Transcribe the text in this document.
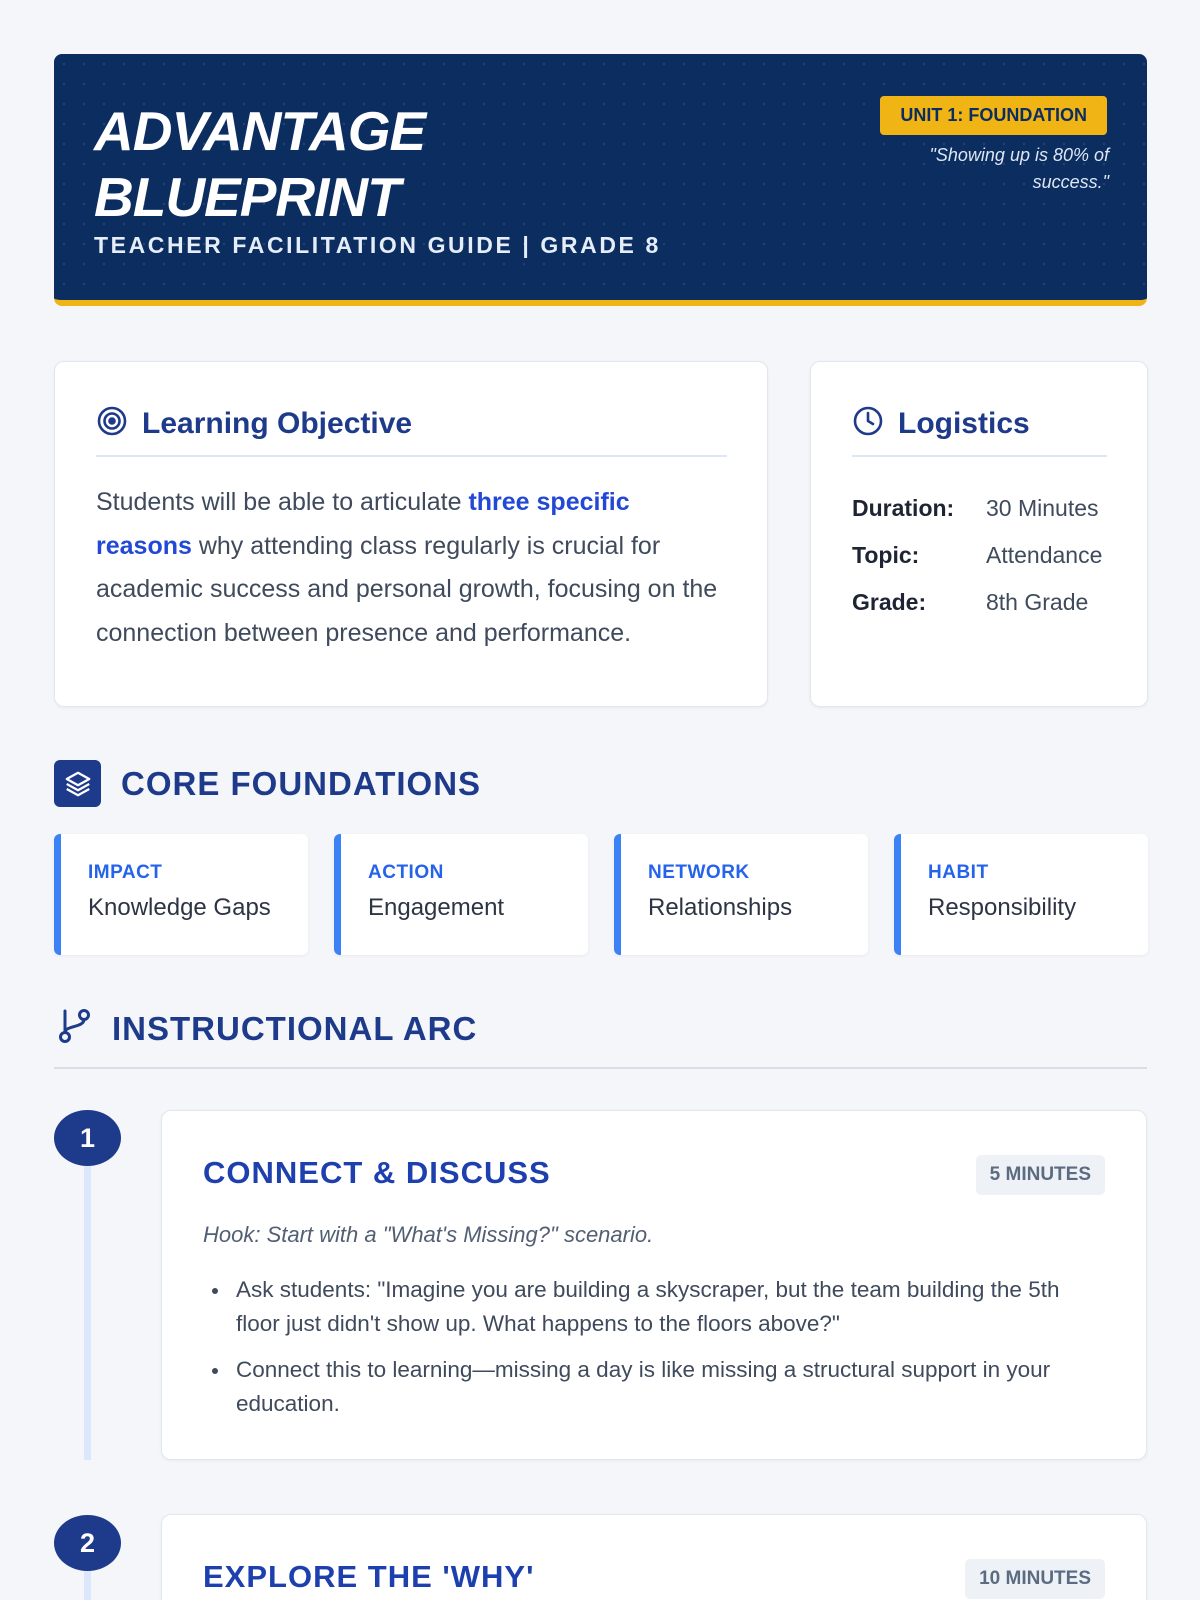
ADVANTAGE
BLUEPRINT
TEACHER FACILITATION GUIDE | GRADE 8
UNIT 1: FOUNDATION
"Showing up is 80% of success."
Learning Objective

Students will be able to articulate three specific reasons why attending class regularly is crucial for academic success and personal growth, focusing on the connection between presence and performance.

Logistics
Duration:	30 Minutes
Topic:	Attendance
Grade:	8th Grade
CORE FOUNDATIONS
IMPACT
Knowledge Gaps
ACTION
Engagement
NETWORK
Relationships
HABIT
Responsibility
INSTRUCTIONAL ARC
1
CONNECT & DISCUSS	5 MINUTES
Hook: Start with a "What's Missing?" scenario.
Ask students: "Imagine you are building a skyscraper, but the team building the 5th floor just didn't show up. What happens to the floors above?"
Connect this to learning—missing a day is like missing a structural support in your education.
2
EXPLORE THE 'WHY'	10 MINUTES
